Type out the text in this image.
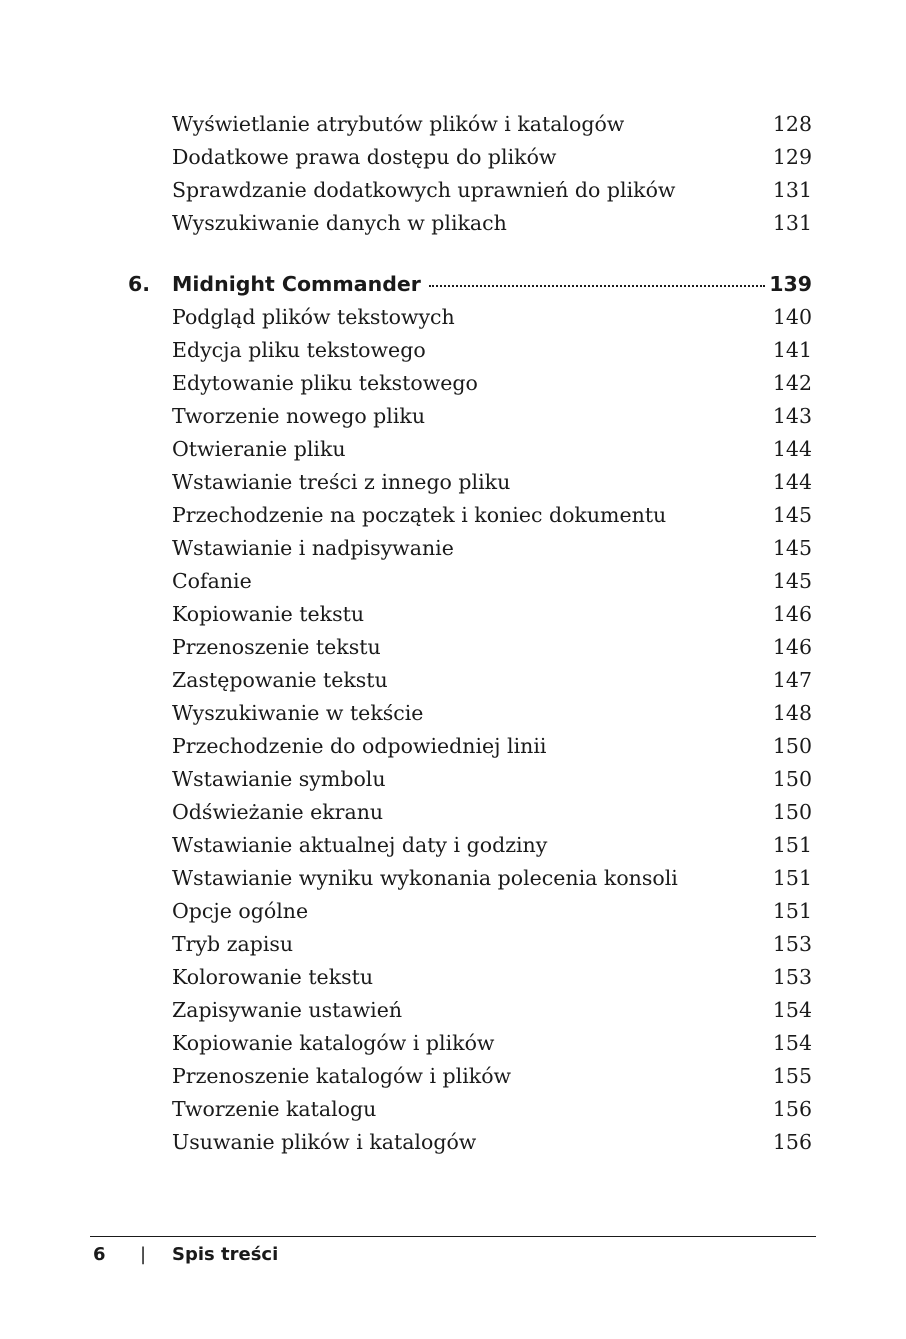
Wyświetlanie atrybutów plików i katalogów	128
Dodatkowe prawa dostępu do plików	129
Sprawdzanie dodatkowych uprawnień do plików	131
Wyszukiwanie danych w plikach	131
6.	Midnight Commander	139
Podgląd plików tekstowych	140
Edycja pliku tekstowego	141
Edytowanie pliku tekstowego	142
Tworzenie nowego pliku	143
Otwieranie pliku	144
Wstawianie treści z innego pliku	144
Przechodzenie na początek i koniec dokumentu	145
Wstawianie i nadpisywanie	145
Cofanie	145
Kopiowanie tekstu	146
Przenoszenie tekstu	146
Zastępowanie tekstu	147
Wyszukiwanie w tekście	148
Przechodzenie do odpowiedniej linii	150
Wstawianie symbolu	150
Odświeżanie ekranu	150
Wstawianie aktualnej daty i godziny	151
Wstawianie wyniku wykonania polecenia konsoli	151
Opcje ogólne	151
Tryb zapisu	153
Kolorowanie tekstu	153
Zapisywanie ustawień	154
Kopiowanie katalogów i plików	154
Przenoszenie katalogów i plików	155
Tworzenie katalogu	156
Usuwanie plików i katalogów	156
6 | Spis treści
